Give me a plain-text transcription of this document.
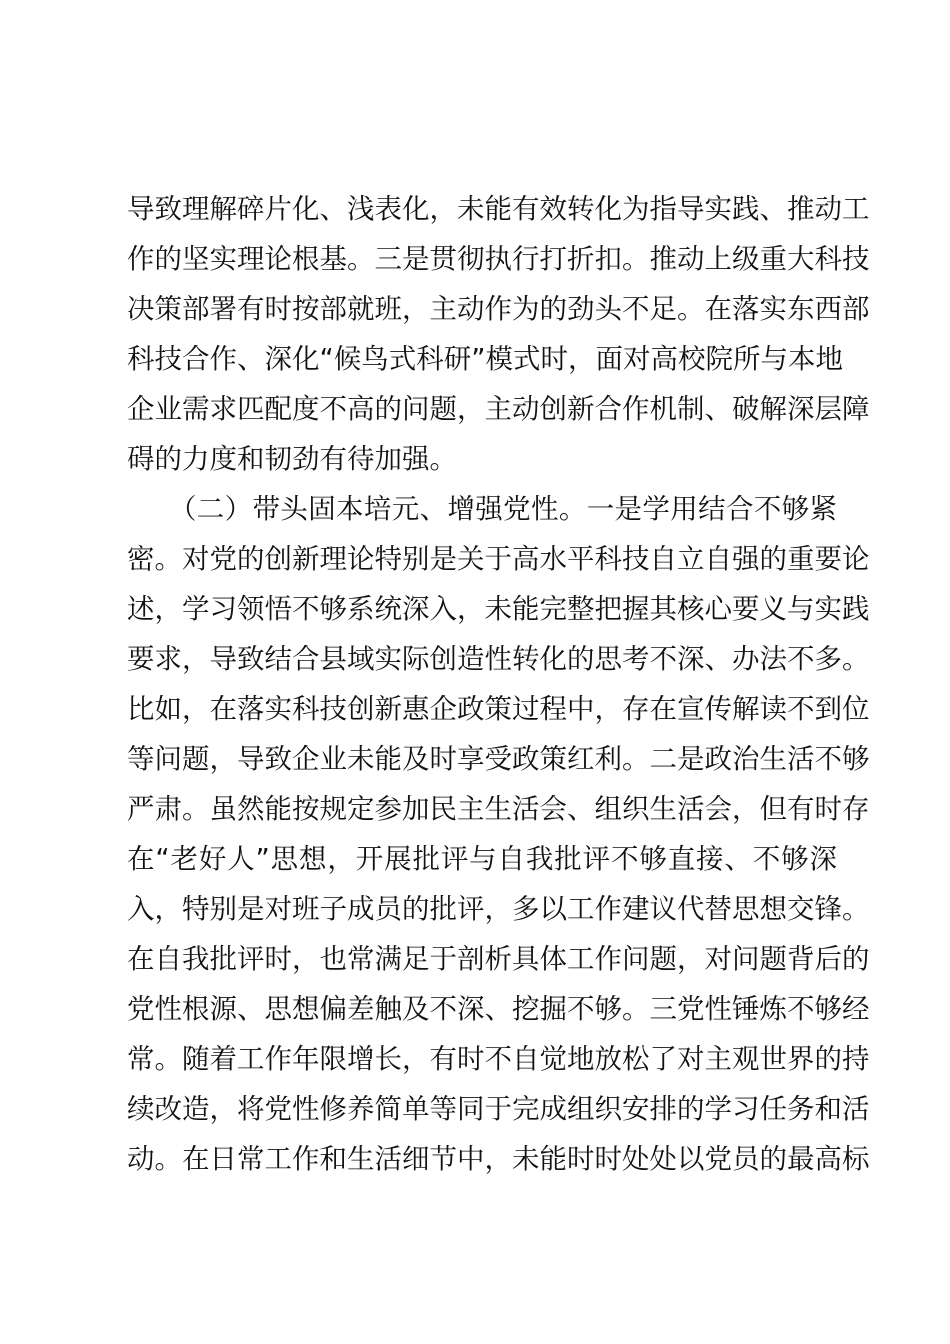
导致理解碎片化、浅表化，未能有效转化为指导实践、推动工
作的坚实理论根基。三是贯彻执行打折扣。推动上级重大科技
决策部署有时按部就班，主动作为的劲头不足。在落实东西部
科技合作、深化“候鸟式科研”模式时，面对高校院所与本地
企业需求匹配度不高的问题，主动创新合作机制、破解深层障
碍的力度和韧劲有待加强。
　　（二）带头固本培元、增强党性。一是学用结合不够紧
密。对党的创新理论特别是关于高水平科技自立自强的重要论
述，学习领悟不够系统深入，未能完整把握其核心要义与实践
要求，导致结合县域实际创造性转化的思考不深、办法不多。
比如，在落实科技创新惠企政策过程中，存在宣传解读不到位
等问题，导致企业未能及时享受政策红利。二是政治生活不够
严肃。虽然能按规定参加民主生活会、组织生活会，但有时存
在“老好人”思想，开展批评与自我批评不够直接、不够深
入，特别是对班子成员的批评，多以工作建议代替思想交锋。
在自我批评时，也常满足于剖析具体工作问题，对问题背后的
党性根源、思想偏差触及不深、挖掘不够。三党性锤炼不够经
常。随着工作年限增长，有时不自觉地放松了对主观世界的持
续改造，将党性修养简单等同于完成组织安排的学习任务和活
动。在日常工作和生活细节中，未能时时处处以党员的最高标
